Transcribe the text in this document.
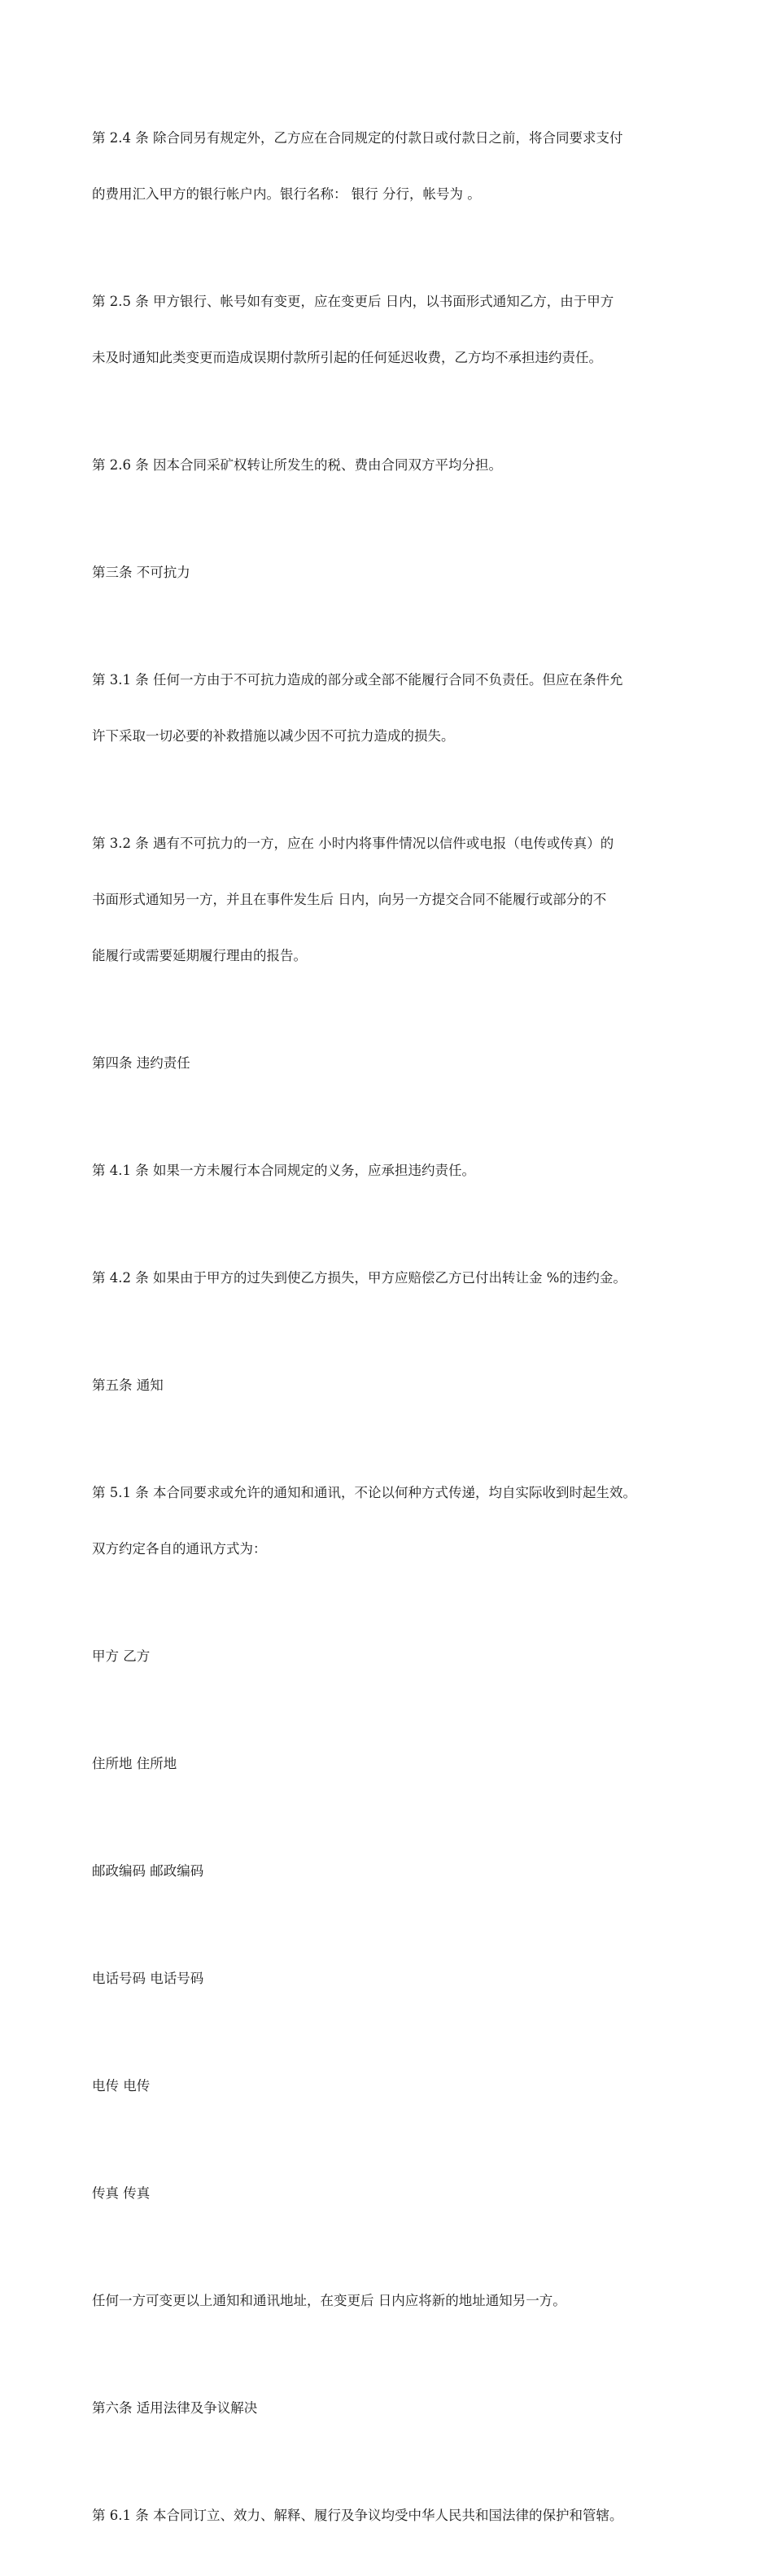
第 2.4 条 除合同另有规定外，乙方应在合同规定的付款日或付款日之前，将合同要求支付

的费用汇入甲方的银行帐户内。银行名称： 银行 分行，帐号为 。

第 2.5 条 甲方银行、帐号如有变更，应在变更后 日内，以书面形式通知乙方，由于甲方

未及时通知此类变更而造成误期付款所引起的任何延迟收费，乙方均不承担违约责任。

第 2.6 条 因本合同采矿权转让所发生的税、费由合同双方平均分担。

第三条 不可抗力

第 3.1 条 任何一方由于不可抗力造成的部分或全部不能履行合同不负责任。但应在条件允

许下采取一切必要的补救措施以减少因不可抗力造成的损失。

第 3.2 条 遇有不可抗力的一方，应在 小时内将事件情况以信件或电报（电传或传真）的

书面形式通知另一方，并且在事件发生后 日内，向另一方提交合同不能履行或部分的不

能履行或需要延期履行理由的报告。

第四条 违约责任

第 4.1 条 如果一方未履行本合同规定的义务，应承担违约责任。

第 4.2 条 如果由于甲方的过失到使乙方损失，甲方应赔偿乙方已付出转让金 %的违约金。

第五条 通知

第 5.1 条 本合同要求或允许的通知和通讯，不论以何种方式传递，均自实际收到时起生效。

双方约定各自的通讯方式为：

甲方 乙方

住所地 住所地

邮政编码 邮政编码

电话号码 电话号码

电传 电传

传真 传真

任何一方可变更以上通知和通讯地址，在变更后 日内应将新的地址通知另一方。

第六条 适用法律及争议解决

第 6.1 条 本合同订立、效力、解释、履行及争议均受中华人民共和国法律的保护和管辖。
